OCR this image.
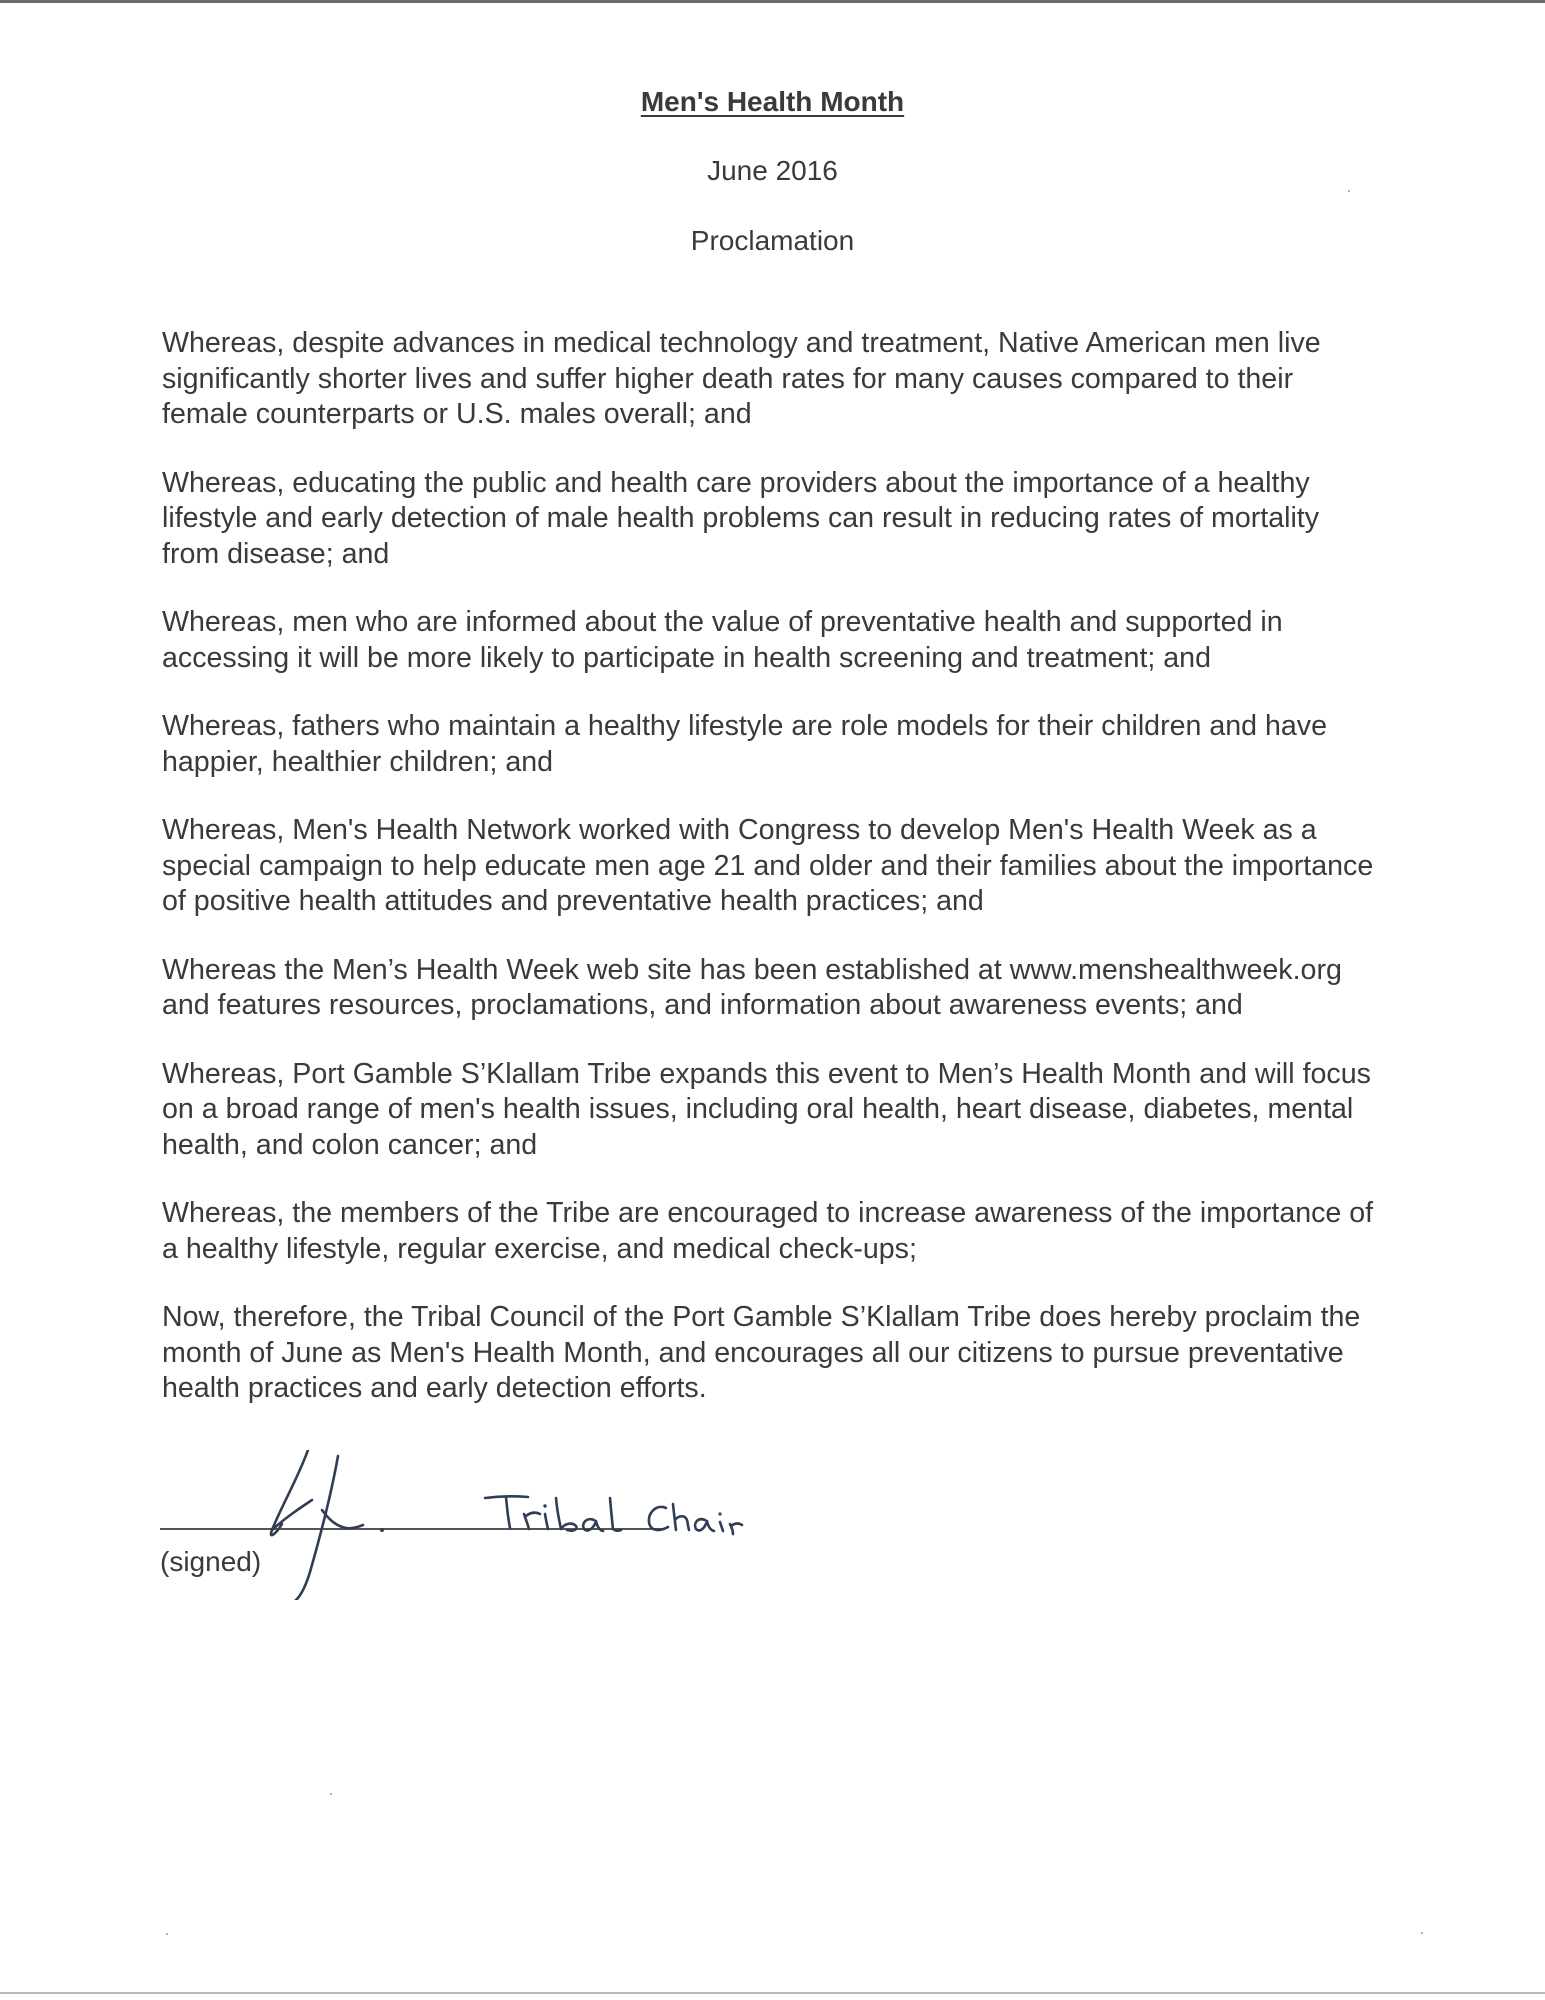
Men's Health Month
June 2016
Proclamation

Whereas, despite advances in medical technology and treatment, Native American men live significantly shorter lives and suffer higher death rates for many causes compared to their female counterparts or U.S. males overall; and

Whereas, educating the public and health care providers about the importance of a healthy lifestyle and early detection of male health problems can result in reducing rates of mortality from disease; and

Whereas, men who are informed about the value of preventative health and supported in accessing it will be more likely to participate in health screening and treatment; and

Whereas, fathers who maintain a healthy lifestyle are role models for their children and have happier, healthier children; and

Whereas, Men's Health Network worked with Congress to develop Men's Health Week as a special campaign to help educate men age 21 and older and their families about the importance of positive health attitudes and preventative health practices; and

Whereas the Men’s Health Week web site has been established at www.menshealthweek.org and features resources, proclamations, and information about awareness events; and

Whereas, Port Gamble S’Klallam Tribe expands this event to Men’s Health Month and will focus on a broad range of men's health issues, including oral health, heart disease, diabetes, mental health, and colon cancer; and

Whereas, the members of the Tribe are encouraged to increase awareness of the importance of a healthy lifestyle, regular exercise, and medical check-ups;

Now, therefore, the Tribal Council of the Port Gamble S’Klallam Tribe does hereby proclaim the month of June as Men's Health Month, and encourages all our citizens to pursue preventative health practices and early detection efforts.

(signed)
